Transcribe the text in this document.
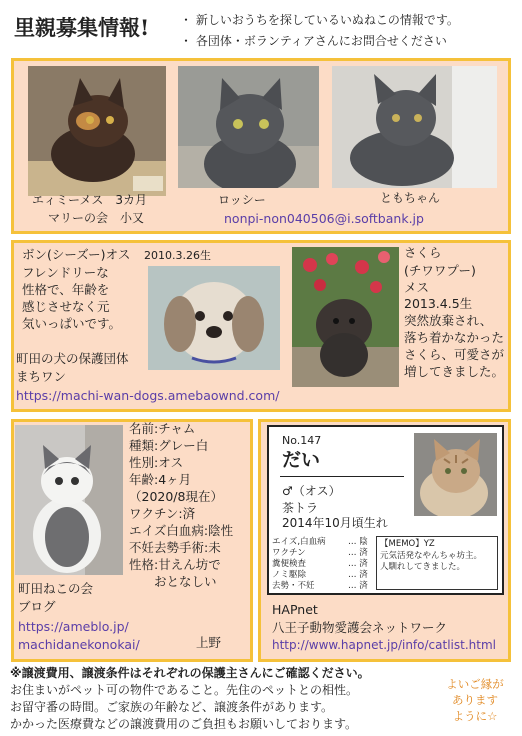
里親募集情報!	・ 新しいおうちを探しているいぬねこの情報です。
・ 各団体・ボランティアさんにお問合せください
エィミーメス　3カ月	ロッシー	ともちゃん
マリーの会　小又	nonpi-non040506@i.softbank.jp
ボン(シーズー)オス
フレンドリーな
性格で、年齢を
感じさせなく元
気いっぱいです。
2010.3.26生	さくら
(チワワプー)
メス
2013.4.5生
突然放棄され、
落ち着かなかった
さくら、可愛さが
増してきました。
町田の犬の保護団体
まちワン
https://machi-wan-dogs.amebaownd.com/
名前:チャム
種類:グレー白
性別:オス
年齢:4ヶ月
（2020/8現在）
ワクチン:済
エイズ白血病:陰性
不妊去勢手術:未
性格:甘えん坊で
　　おとなしい
町田ねこの会
ブログ
https://ameblo.jp/
machidanekonokai/	上野
No.147
だい
♂（オス）
茶トラ
2014年10月頃生れ
エイズ,白血病	… 陰
ワクチン	… 済
糞便検査	… 済
ノミ駆除	… 済
去勢・不妊	… 済
【MEMO】YZ
元気活発なやんちゃ坊主。
人馴れしてきました。
HAPnet
八王子動物愛護会ネットワーク
http://www.hapnet.jp/info/catlist.html
※譲渡費用、譲渡条件はそれぞれの保護主さんにご確認ください。
お住まいがペット可の物件であること。先住のペットとの相性。
お留守番の時間。ご家族の年齢など、譲渡条件があります。
かかった医療費などの譲渡費用のご負担もお願いしております。
よいご縁が
あります
ように☆
